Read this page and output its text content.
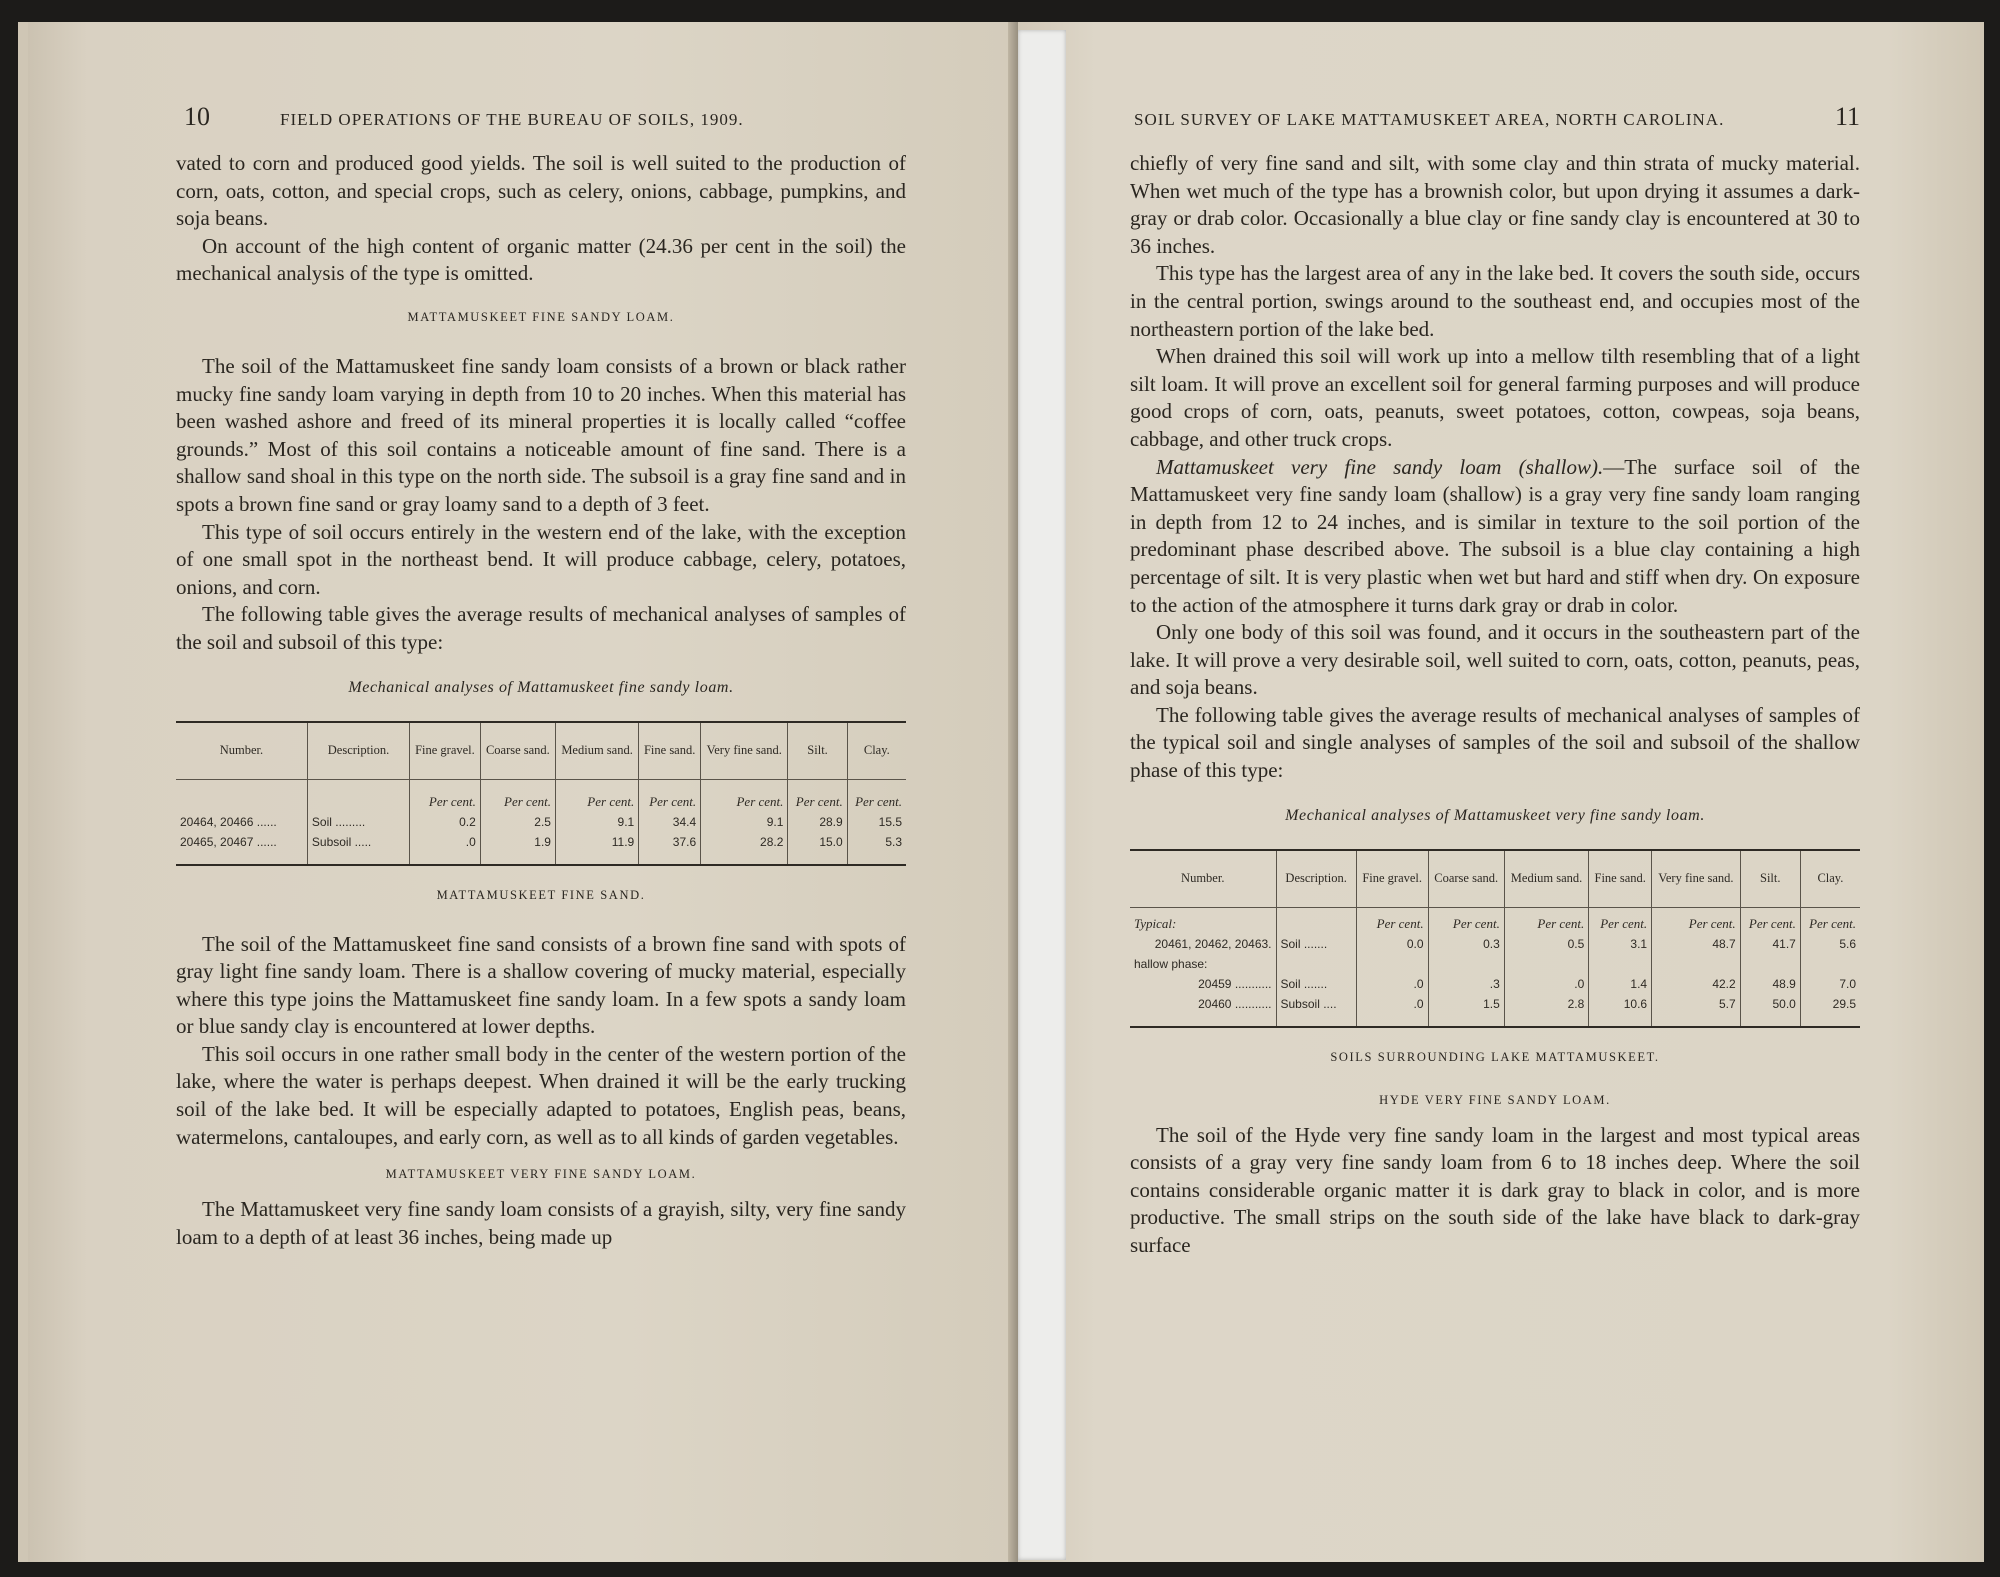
10	FIELD OPERATIONS OF THE BUREAU OF SOILS, 1909.

vated to corn and produced good yields. The soil is well suited to the production of corn, oats, cotton, and special crops, such as celery, onions, cabbage, pumpkins, and soja beans.

On account of the high content of organic matter (24.36 per cent in the soil) the mechanical analysis of the type is omitted.

MATTAMUSKEET FINE SANDY LOAM.

The soil of the Mattamuskeet fine sandy loam consists of a brown or black rather mucky fine sandy loam varying in depth from 10 to 20 inches. When this material has been washed ashore and freed of its mineral properties it is locally called “coffee grounds.” Most of this soil contains a noticeable amount of fine sand. There is a shallow sand shoal in this type on the north side. The subsoil is a gray fine sand and in spots a brown fine sand or gray loamy sand to a depth of 3 feet.

This type of soil occurs entirely in the western end of the lake, with the exception of one small spot in the northeast bend. It will produce cabbage, celery, potatoes, onions, and corn.

The following table gives the average results of mechanical analyses of samples of the soil and subsoil of this type:

Mechanical analyses of Mattamuskeet fine sandy loam.
Number.	Description.	Fine gravel.	Coarse sand.	Medium sand.	Fine sand.	Very fine sand.	Silt.	Clay.
		Per cent.	Per cent.	Per cent.	Per cent.	Per cent.	Per cent.	Per cent.
20464, 20466 ......	Soil .........	0.2	2.5	9.1	34.4	9.1	28.9	15.5
20465, 20467 ......	Subsoil .....	.0	1.9	11.9	37.6	28.2	15.0	5.3
MATTAMUSKEET FINE SAND.

The soil of the Mattamuskeet fine sand consists of a brown fine sand with spots of gray light fine sandy loam. There is a shallow covering of mucky material, especially where this type joins the Mattamuskeet fine sandy loam. In a few spots a sandy loam or blue sandy clay is encountered at lower depths.

This soil occurs in one rather small body in the center of the western portion of the lake, where the water is perhaps deepest. When drained it will be the early trucking soil of the lake bed. It will be especially adapted to potatoes, English peas, beans, watermelons, cantaloupes, and early corn, as well as to all kinds of garden vegetables.

MATTAMUSKEET VERY FINE SANDY LOAM.

The Mattamuskeet very fine sandy loam consists of a grayish, silty, very fine sandy loam to a depth of at least 36 inches, being made up

SOIL SURVEY OF LAKE MATTAMUSKEET AREA, NORTH CAROLINA.	11

chiefly of very fine sand and silt, with some clay and thin strata of mucky material. When wet much of the type has a brownish color, but upon drying it assumes a dark-gray or drab color. Occasionally a blue clay or fine sandy clay is encountered at 30 to 36 inches.

This type has the largest area of any in the lake bed. It covers the south side, occurs in the central portion, swings around to the southeast end, and occupies most of the northeastern portion of the lake bed.

When drained this soil will work up into a mellow tilth resembling that of a light silt loam. It will prove an excellent soil for general farming purposes and will produce good crops of corn, oats, peanuts, sweet potatoes, cotton, cowpeas, soja beans, cabbage, and other truck crops.

Mattamuskeet very fine sandy loam (shallow).—The surface soil of the Mattamuskeet very fine sandy loam (shallow) is a gray very fine sandy loam ranging in depth from 12 to 24 inches, and is similar in texture to the soil portion of the predominant phase described above. The subsoil is a blue clay containing a high percentage of silt. It is very plastic when wet but hard and stiff when dry. On exposure to the action of the atmosphere it turns dark gray or drab in color.

Only one body of this soil was found, and it occurs in the southeastern part of the lake. It will prove a very desirable soil, well suited to corn, oats, cotton, peanuts, peas, and soja beans.

The following table gives the average results of mechanical analyses of samples of the typical soil and single analyses of samples of the soil and subsoil of the shallow phase of this type:

Mechanical analyses of Mattamuskeet very fine sandy loam.
Number.	Description.	Fine gravel.	Coarse sand.	Medium sand.	Fine sand.	Very fine sand.	Silt.	Clay.
Typical:		Per cent.	Per cent.	Per cent.	Per cent.	Per cent.	Per cent.	Per cent.
20461, 20462, 20463.	Soil .......	0.0	0.3	0.5	3.1	48.7	41.7	5.6
hallow phase:								
20459 ...........	Soil .......	.0	.3	.0	1.4	42.2	48.9	7.0
20460 ...........	Subsoil ....	.0	1.5	2.8	10.6	5.7	50.0	29.5
SOILS SURROUNDING LAKE MATTAMUSKEET.
HYDE VERY FINE SANDY LOAM.

The soil of the Hyde very fine sandy loam in the largest and most typical areas consists of a gray very fine sandy loam from 6 to 18 inches deep. Where the soil contains considerable organic matter it is dark gray to black in color, and is more productive. The small strips on the south side of the lake have black to dark-gray surface
